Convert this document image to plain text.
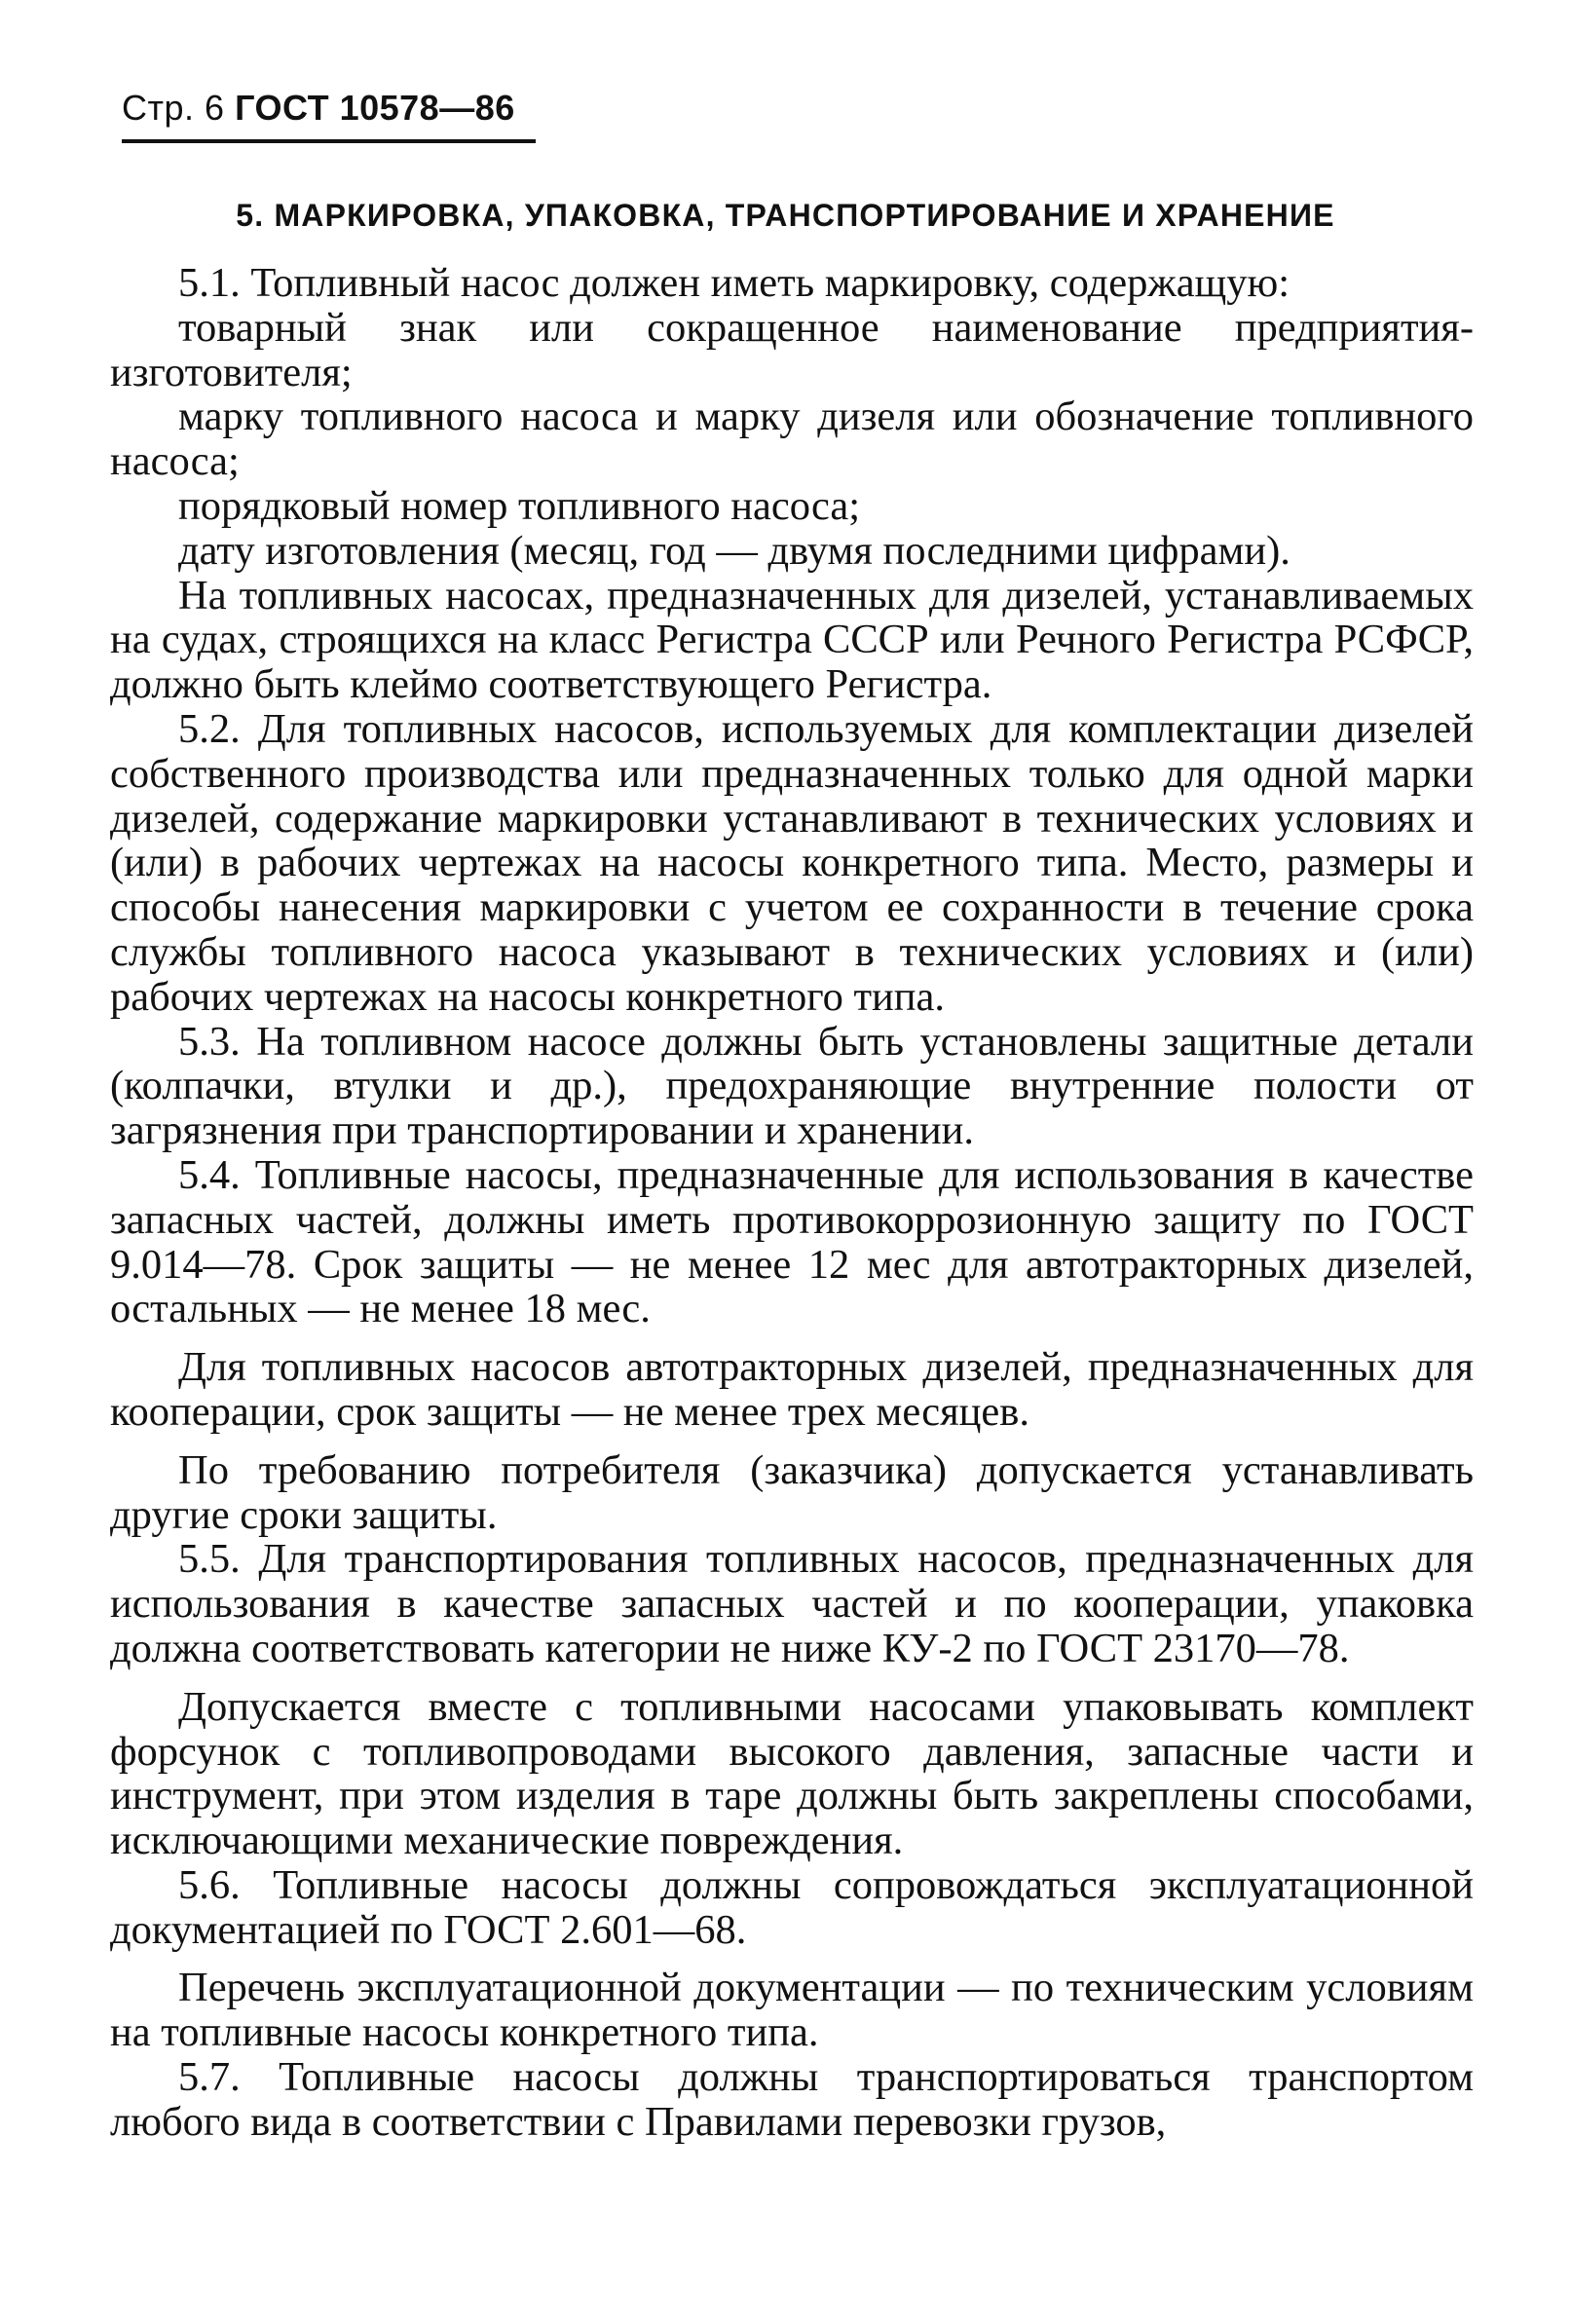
Стр. 6 ГОСТ 10578—86
5. МАРКИРОВКА, УПАКОВКА, ТРАНСПОРТИРОВАНИЕ И ХРАНЕНИЕ

5.1. Топливный насос должен иметь маркировку, содержащую:

товарный знак или сокращенное наименование предприятия-изготовителя;

марку топливного насоса и марку дизеля или обозначение топливного насоса;

порядковый номер топливного насоса;

дату изготовления (месяц, год — двумя последними цифрами).

На топливных насосах, предназначенных для дизелей, устанавливаемых на судах, строящихся на класс Регистра СССР или Речного Регистра РСФСР, должно быть клеймо соответствующего Регистра.

5.2. Для топливных насосов, используемых для комплектации дизелей собственного производства или предназначенных только для одной марки дизелей, содержание маркировки устанавливают в технических условиях и (или) в рабочих чертежах на насосы конкретного типа. Место, размеры и способы нанесения маркировки с учетом ее сохранности в течение срока службы топливного насоса указывают в технических условиях и (или) рабочих чертежах на насосы конкретного типа.

5.3. На топливном насосе должны быть установлены защитные детали (колпачки, втулки и др.), предохраняющие внутренние полости от загрязнения при транспортировании и хранении.

5.4. Топливные насосы, предназначенные для использования в качестве запасных частей, должны иметь противокоррозионную защиту по ГОСТ 9.014—78. Срок защиты — не менее 12 мес для автотракторных дизелей, остальных — не менее 18 мес.

Для топливных насосов автотракторных дизелей, предназначенных для кооперации, срок защиты — не менее трех месяцев.

По требованию потребителя (заказчика) допускается устанавливать другие сроки защиты.

5.5. Для транспортирования топливных насосов, предназначенных для использования в качестве запасных частей и по кооперации, упаковка должна соответствовать категории не ниже КУ-2 по ГОСТ 23170—78.

Допускается вместе с топливными насосами упаковывать комплект форсунок с топливопроводами высокого давления, запасные части и инструмент, при этом изделия в таре должны быть закреплены способами, исключающими механические повреждения.

5.6. Топливные насосы должны сопровождаться эксплуатационной документацией по ГОСТ 2.601—68.

Перечень эксплуатационной документации — по техническим условиям на топливные насосы конкретного типа.

5.7. Топливные насосы должны транспортироваться транспортом любого вида в соответствии с Правилами перевозки грузов,
